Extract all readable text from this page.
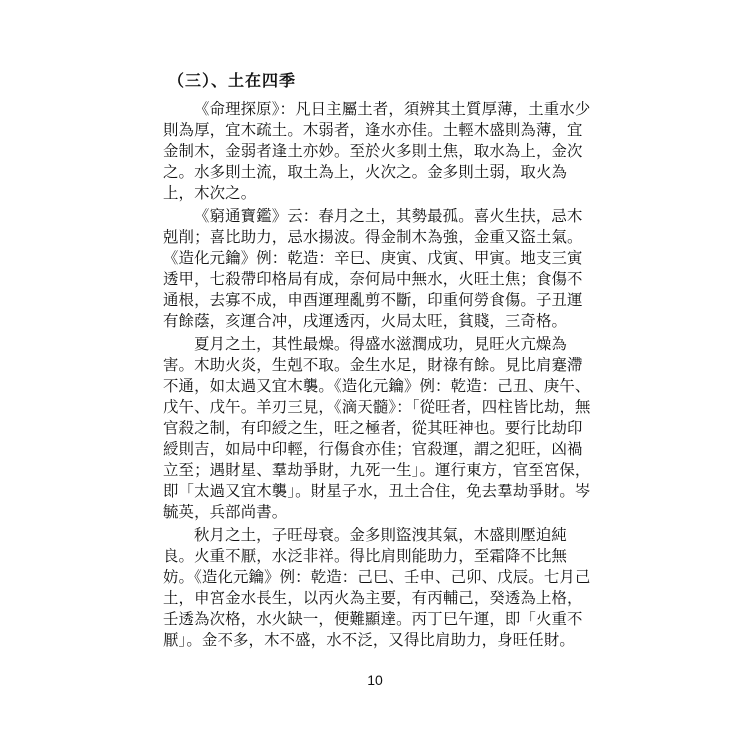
（三）、土在四季
《命理探原》：凡日主屬土者，須辨其土質厚薄，土重水少
則為厚，宜木疏土。木弱者，逢水亦佳。土輕木盛則為薄，宜
金制木，金弱者逢土亦妙。至於火多則土焦，取水為上，金次
之。水多則土流，取土為上，火次之。金多則土弱，取火為
上，木次之。
《窮通寶鑑》云：春月之土，其勢最孤。喜火生扶，忌木
剋削；喜比助力，忌水揚波。得金制木為強，金重又盜土氣。
《造化元鑰》例：乾造：辛巳、庚寅、戊寅、甲寅。地支三寅
透甲，七殺帶印格局有成，奈何局中無水，火旺土焦；食傷不
通根，去寡不成，申酉運理亂剪不斷，印重何勞食傷。子丑運
有餘蔭，亥運合冲，戌運透丙，火局太旺，貧賤，三奇格。
夏月之土，其性最燥。得盛水滋潤成功，見旺火亢燥為
害。木助火炎，生剋不取。金生水足，財祿有餘。見比肩蹇滯
不通，如太過又宜木襲。《造化元鑰》例：乾造：己丑、庚午、
戊午、戊午。羊刃三見，《滴天髓》：「從旺者，四柱皆比劫，無
官殺之制，有印綬之生，旺之極者，從其旺神也。要行比劫印
綬則吉，如局中印輕，行傷食亦佳；官殺運，謂之犯旺，凶禍
立至；遇財星、羣劫爭財，九死一生」。運行東方，官至宮保，
即「太過又宜木襲」。財星子水，丑土合住，免去羣劫爭財。岑
毓英，兵部尚書。
秋月之土，子旺母衰。金多則盜洩其氣，木盛則壓迫純
良。火重不厭，水泛非祥。得比肩則能助力，至霜降不比無
妨。《造化元鑰》例：乾造：己巳、壬申、己卯、戊辰。七月己
土，申宮金水長生，以丙火為主要，有丙輔己，癸透為上格，
壬透為次格，水火缺一，便難顯達。丙丁巳午運，即「火重不
厭」。金不多，木不盛，水不泛，又得比肩助力，身旺任財。
10
